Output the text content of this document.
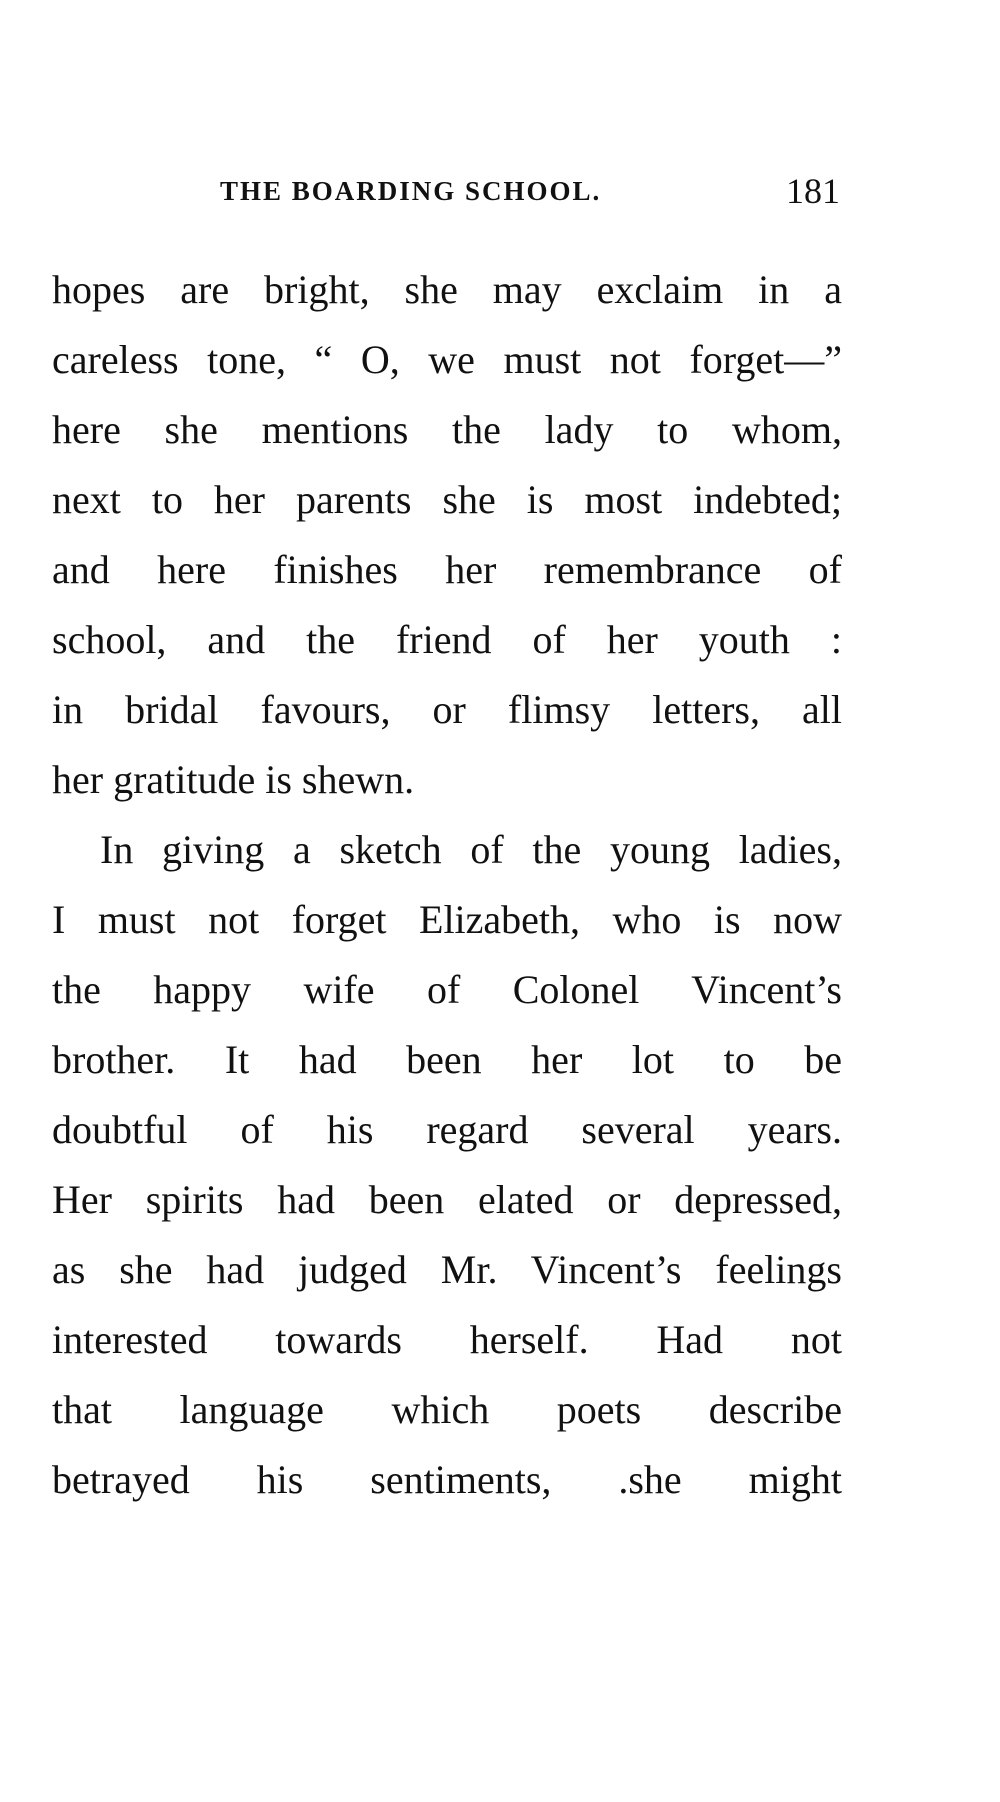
THE BOARDING SCHOOL.	181
hopes are bright, she may exclaim in a
careless tone, “ O, we must not forget—”
here she mentions the lady to whom,
next to her parents she is most indebted;
and here finishes her remembrance of
school, and the friend of her youth :
in bridal favours, or flimsy letters, all
her gratitude is shewn.
In giving a sketch of the young ladies,
I must not forget Elizabeth, who is now
the happy wife of Colonel Vincent’s
brother. It had been her lot to be
doubtful of his regard several years.
Her spirits had been elated or depressed,
as she had judged Mr. Vincent’s feelings
interested towards herself. Had not
that language which poets describe
betrayed his sentiments, .she might
